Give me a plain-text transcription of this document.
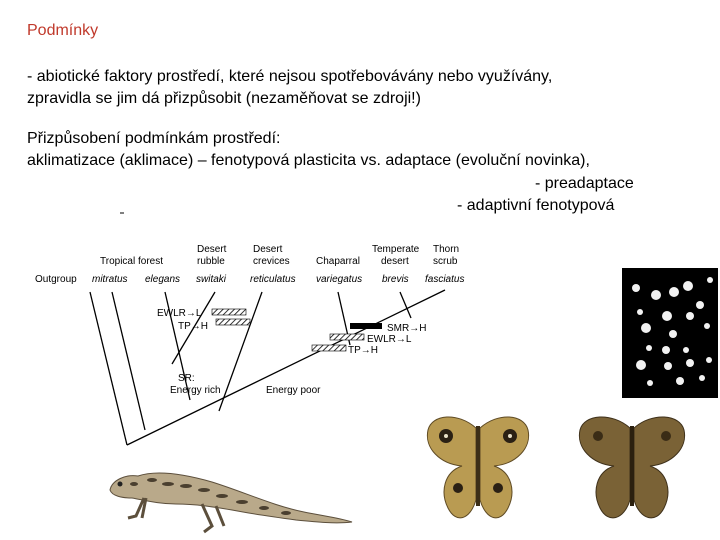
Podmínky
- abiotické faktory prostředí, které nejsou spotřebovávány nebo využívány,
zpravidla se jim dá přizpůsobit (nezaměňovat se zdroji!)
Přizpůsobení podmínkám prostředí:
aklimatizace (aklimace) – fenotypová plasticita vs. adaptace (evoluční novinka),
- preadaptace
- adaptivní fenotypová
Tropical forest
Desert
rubble
Desert
crevices	Chaparral
Temperate
desert
Thorn
scrub
Outgroup mitratus elegans switaki reticulatus variegatus brevis fasciatus
EWLR→L
TP→H	SMR→H
EWLR→L
TP→H
SR:
Energy rich	Energy poor
